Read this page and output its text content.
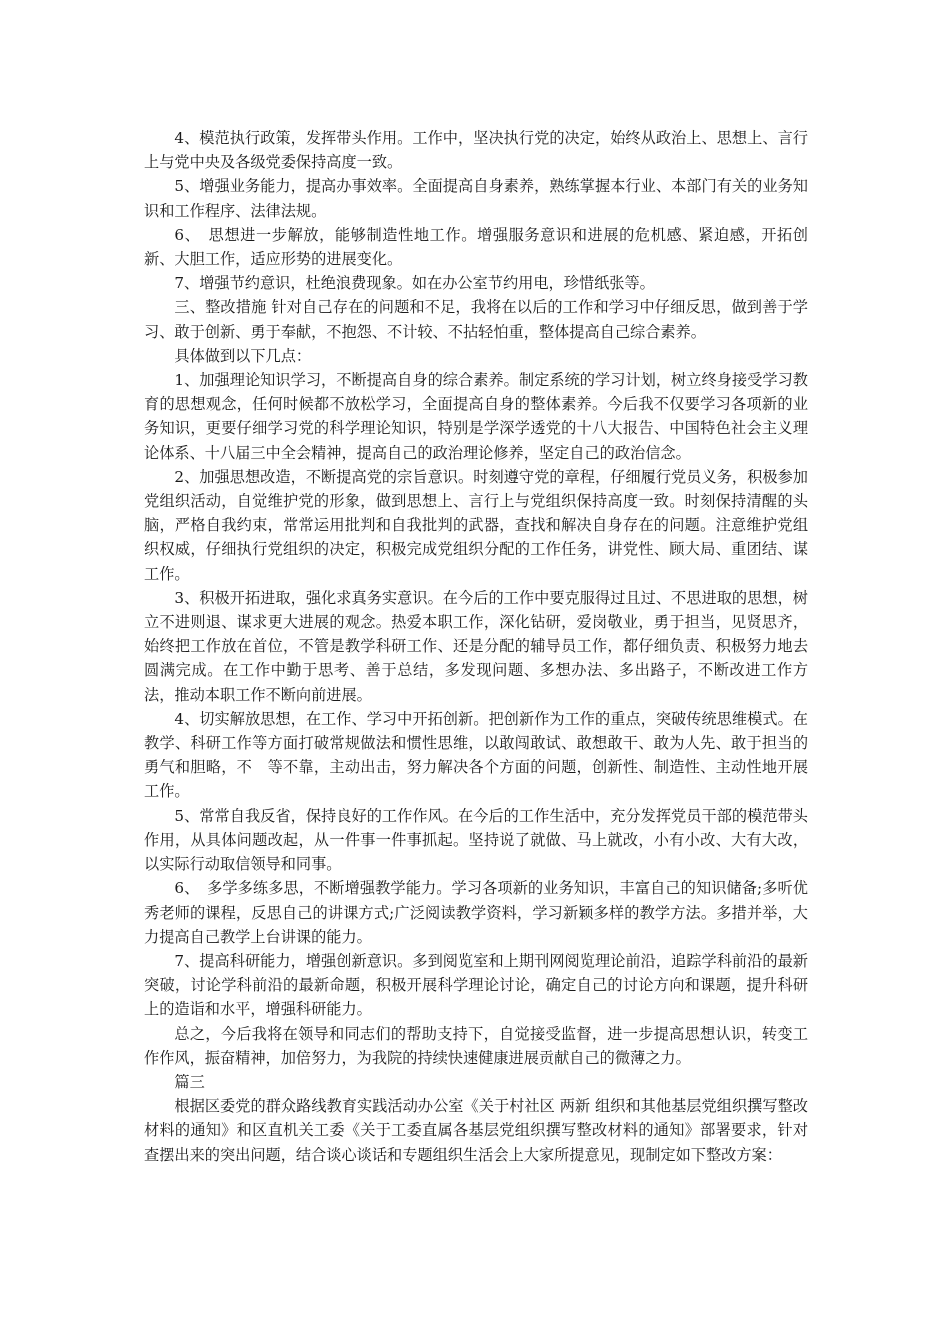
4、模范执行政策，发挥带头作用。工作中，坚决执行党的决定，始终从政治上、思想上、言行上与党中央及各级党委保持高度一致。

5、增强业务能力，提高办事效率。全面提高自身素养，熟练掌握本行业、本部门有关的业务知识和工作程序、法律法规。

6、　思想进一步解放，能够制造性地工作。增强服务意识和进展的危机感、紧迫感，开拓创新、大胆工作，适应形势的进展变化。

7、增强节约意识，杜绝浪费现象。如在办公室节约用电，珍惜纸张等。

三、整改措施 针对自己存在的问题和不足，我将在以后的工作和学习中仔细反思，做到善于学习、敢于创新、勇于奉献，不抱怨、不计较、不拈轻怕重，整体提高自己综合素养。

具体做到以下几点：

1、加强理论知识学习，不断提高自身的综合素养。制定系统的学习计划，树立终身接受学习教育的思想观念，任何时候都不放松学习，全面提高自身的整体素养。今后我不仅要学习各项新的业务知识，更要仔细学习党的科学理论知识，特别是学深学透党的十八大报告、中国特色社会主义理论体系、十八届三中全会精神，提高自己的政治理论修养，坚定自己的政治信念。

2、加强思想改造，不断提高党的宗旨意识。时刻遵守党的章程，仔细履行党员义务，积极参加党组织活动，自觉维护党的形象，做到思想上、言行上与党组织保持高度一致。时刻保持清醒的头脑，严格自我约束，常常运用批判和自我批判的武器，查找和解决自身存在的问题。注意维护党组织权威，仔细执行党组织的决定，积极完成党组织分配的工作任务，讲党性、顾大局、重团结、谋工作。

3、积极开拓进取，强化求真务实意识。在今后的工作中要克服得过且过、不思进取的思想，树立不进则退、谋求更大进展的观念。热爱本职工作，深化钻研，爱岗敬业，勇于担当，见贤思齐，始终把工作放在首位，不管是教学科研工作、还是分配的辅导员工作，都仔细负责、积极努力地去圆满完成。在工作中勤于思考、善于总结，多发现问题、多想办法、多出路子，不断改进工作方法，推动本职工作不断向前进展。

4、切实解放思想，在工作、学习中开拓创新。把创新作为工作的重点，突破传统思维模式。在教学、科研工作等方面打破常规做法和惯性思维，以敢闯敢试、敢想敢干、敢为人先、敢于担当的勇气和胆略，不　等不靠，主动出击，努力解决各个方面的问题，创新性、制造性、主动性地开展工作。

5、常常自我反省，保持良好的工作作风。在今后的工作生活中，充分发挥党员干部的模范带头作用，从具体问题改起，从一件事一件事抓起。坚持说了就做、马上就改，小有小改、大有大改，以实际行动取信领导和同事。

6、　多学多练多思，不断增强教学能力。学习各项新的业务知识，丰富自己的知识储备;多听优秀老师的课程，反思自己的讲课方式;广泛阅读教学资料，学习新颖多样的教学方法。多措并举，大力提高自己教学上台讲课的能力。

7、提高科研能力，增强创新意识。多到阅览室和上期刊网阅览理论前沿，追踪学科前沿的最新突破，讨论学科前沿的最新命题，积极开展科学理论讨论，确定自己的讨论方向和课题，提升科研上的造诣和水平，增强科研能力。

总之，今后我将在领导和同志们的帮助支持下，自觉接受监督，进一步提高思想认识，转变工作作风，振奋精神，加倍努力，为我院的持续快速健康进展贡献自己的微薄之力。

篇三

根据区委党的群众路线教育实践活动办公室《关于村社区 两新 组织和其他基层党组织撰写整改材料的通知》和区直机关工委《关于工委直属各基层党组织撰写整改材料的通知》部署要求，针对查摆出来的突出问题，结合谈心谈话和专题组织生活会上大家所提意见，现制定如下整改方案：
